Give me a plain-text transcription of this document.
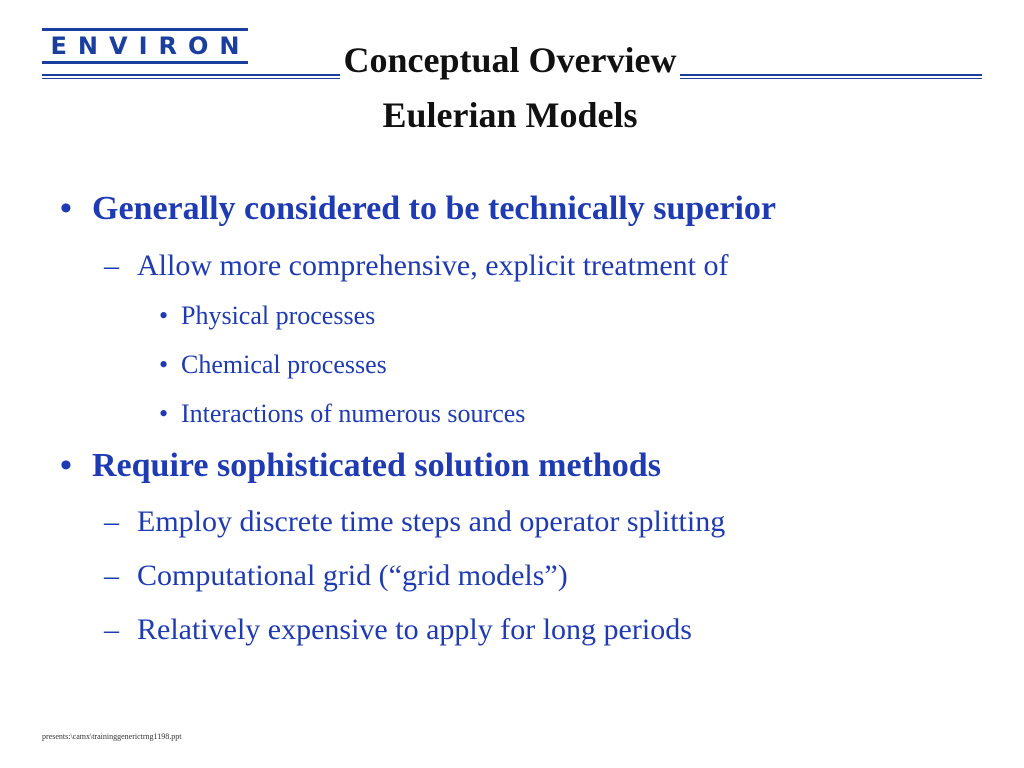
ENVIRON	Conceptual Overview
Eulerian Models
• Generally considered to be technically superior
– Allow more comprehensive, explicit treatment of
• Physical processes
• Chemical processes
• Interactions of numerous sources
• Require sophisticated solution methods
– Employ discrete time steps and operator splitting
– Computational grid (“grid models”)
– Relatively expensive to apply for long periods
presents:\camx\traininggenerictrng1198.ppt
